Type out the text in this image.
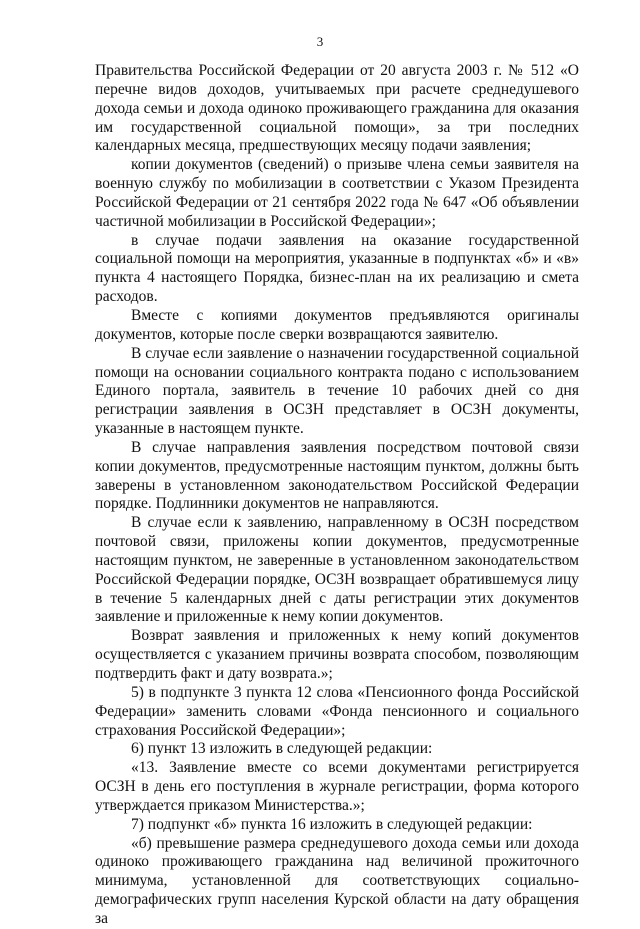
3

Правительства Российской Федерации от 20 августа 2003 г. № 512 «О перечне видов доходов, учитываемых при расчете среднедушевого дохода семьи и дохода одиноко проживающего гражданина для оказания им государственной социальной помощи», за три последних календарных месяца, предшествующих месяцу подачи заявления;

копии документов (сведений) о призыве члена семьи заявителя на военную службу по мобилизации в соответствии с Указом Президента Российской Федерации от 21 сентября 2022 года № 647 «Об объявлении частичной мобилизации в Российской Федерации»;

в случае подачи заявления на оказание государственной социальной помощи на мероприятия, указанные в подпунктах «б» и «в» пункта 4 настоящего Порядка, бизнес-план на их реализацию и смета расходов.

Вместе с копиями документов предъявляются оригиналы документов, которые после сверки возвращаются заявителю.

В случае если заявление о назначении государственной социальной помощи на основании социального контракта подано с использованием Единого портала, заявитель в течение 10 рабочих дней со дня регистрации заявления в ОСЗН представляет в ОСЗН документы, указанные в настоящем пункте.

В случае направления заявления посредством почтовой связи копии документов, предусмотренные настоящим пунктом, должны быть заверены в установленном законодательством Российской Федерации порядке. Подлинники документов не направляются.

В случае если к заявлению, направленному в ОСЗН посредством почтовой связи, приложены копии документов, предусмотренные настоящим пунктом, не заверенные в установленном законодательством Российской Федерации порядке, ОСЗН возвращает обратившемуся лицу в течение 5 календарных дней с даты регистрации этих документов заявление и приложенные к нему копии документов.

Возврат заявления и приложенных к нему копий документов осуществляется с указанием причины возврата способом, позволяющим подтвердить факт и дату возврата.»;

5) в подпункте 3 пункта 12 слова «Пенсионного фонда Российской Федерации» заменить словами «Фонда пенсионного и социального страхования Российской Федерации»;

6) пункт 13 изложить в следующей редакции:

«13. Заявление вместе со всеми документами регистрируется ОСЗН в день его поступления в журнале регистрации, форма которого утверждается приказом Министерства.»;

7) подпункт «б» пункта 16 изложить в следующей редакции:

«б) превышение размера среднедушевого дохода семьи или дохода одиноко проживающего гражданина над величиной прожиточного минимума, установленной для соответствующих социально-демографических групп населения Курской области на дату обращения за
